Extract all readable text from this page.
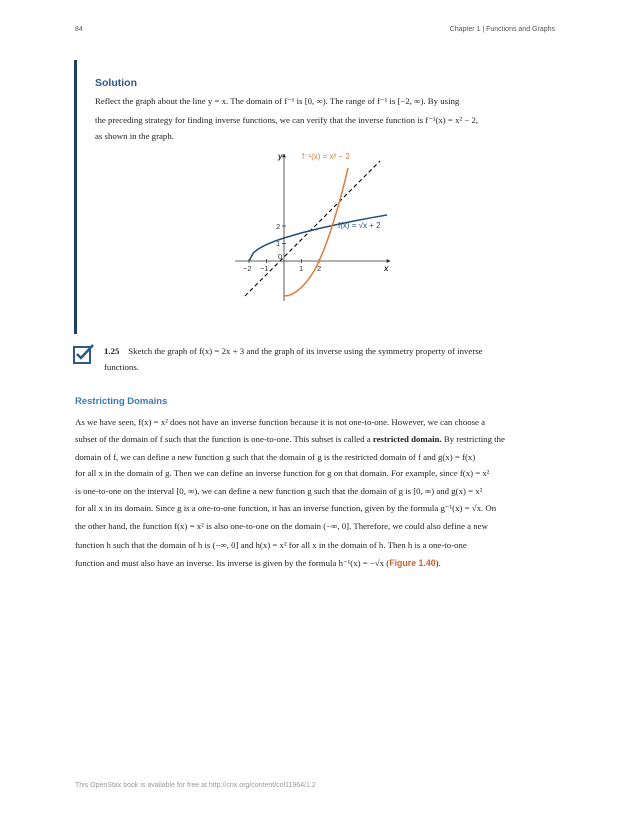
84	Chapter 1 | Functions and Graphs
Solution
Reflect the graph about the line y = x. The domain of f⁻¹ is [0, ∞). The range of f⁻¹ is [−2, ∞). By using
the preceding strategy for finding inverse functions, we can verify that the inverse function is f⁻¹(x) = x² − 2,
as shown in the graph.
y
x
−2 −1	1 2
1
2
0
f⁻¹(x) = x² − 2
f(x) = √x + 2
1.25 Sketch the graph of f(x) = 2x + 3 and the graph of its inverse using the symmetry property of inverse
functions.
Restricting Domains
As we have seen, f(x) = x² does not have an inverse function because it is not one-to-one. However, we can choose a
subset of the domain of f such that the function is one-to-one. This subset is called a restricted domain. By restricting the
domain of f, we can define a new function g such that the domain of g is the restricted domain of f and g(x) = f(x)
for all x in the domain of g. Then we can define an inverse function for g on that domain. For example, since f(x) = x²
is one-to-one on the interval [0, ∞), we can define a new function g such that the domain of g is [0, ∞) and g(x) = x²
for all x in its domain. Since g is a one-to-one function, it has an inverse function, given by the formula g⁻¹(x) = √x. On
the other hand, the function f(x) = x² is also one-to-one on the domain (−∞, 0]. Therefore, we could also define a new
function h such that the domain of h is (−∞, 0] and h(x) = x² for all x in the domain of h. Then h is a one-to-one
function and must also have an inverse. Its inverse is given by the formula h⁻¹(x) = −√x (Figure 1.40).
This OpenStax book is available for free at http://cnx.org/content/col11964/1.2
